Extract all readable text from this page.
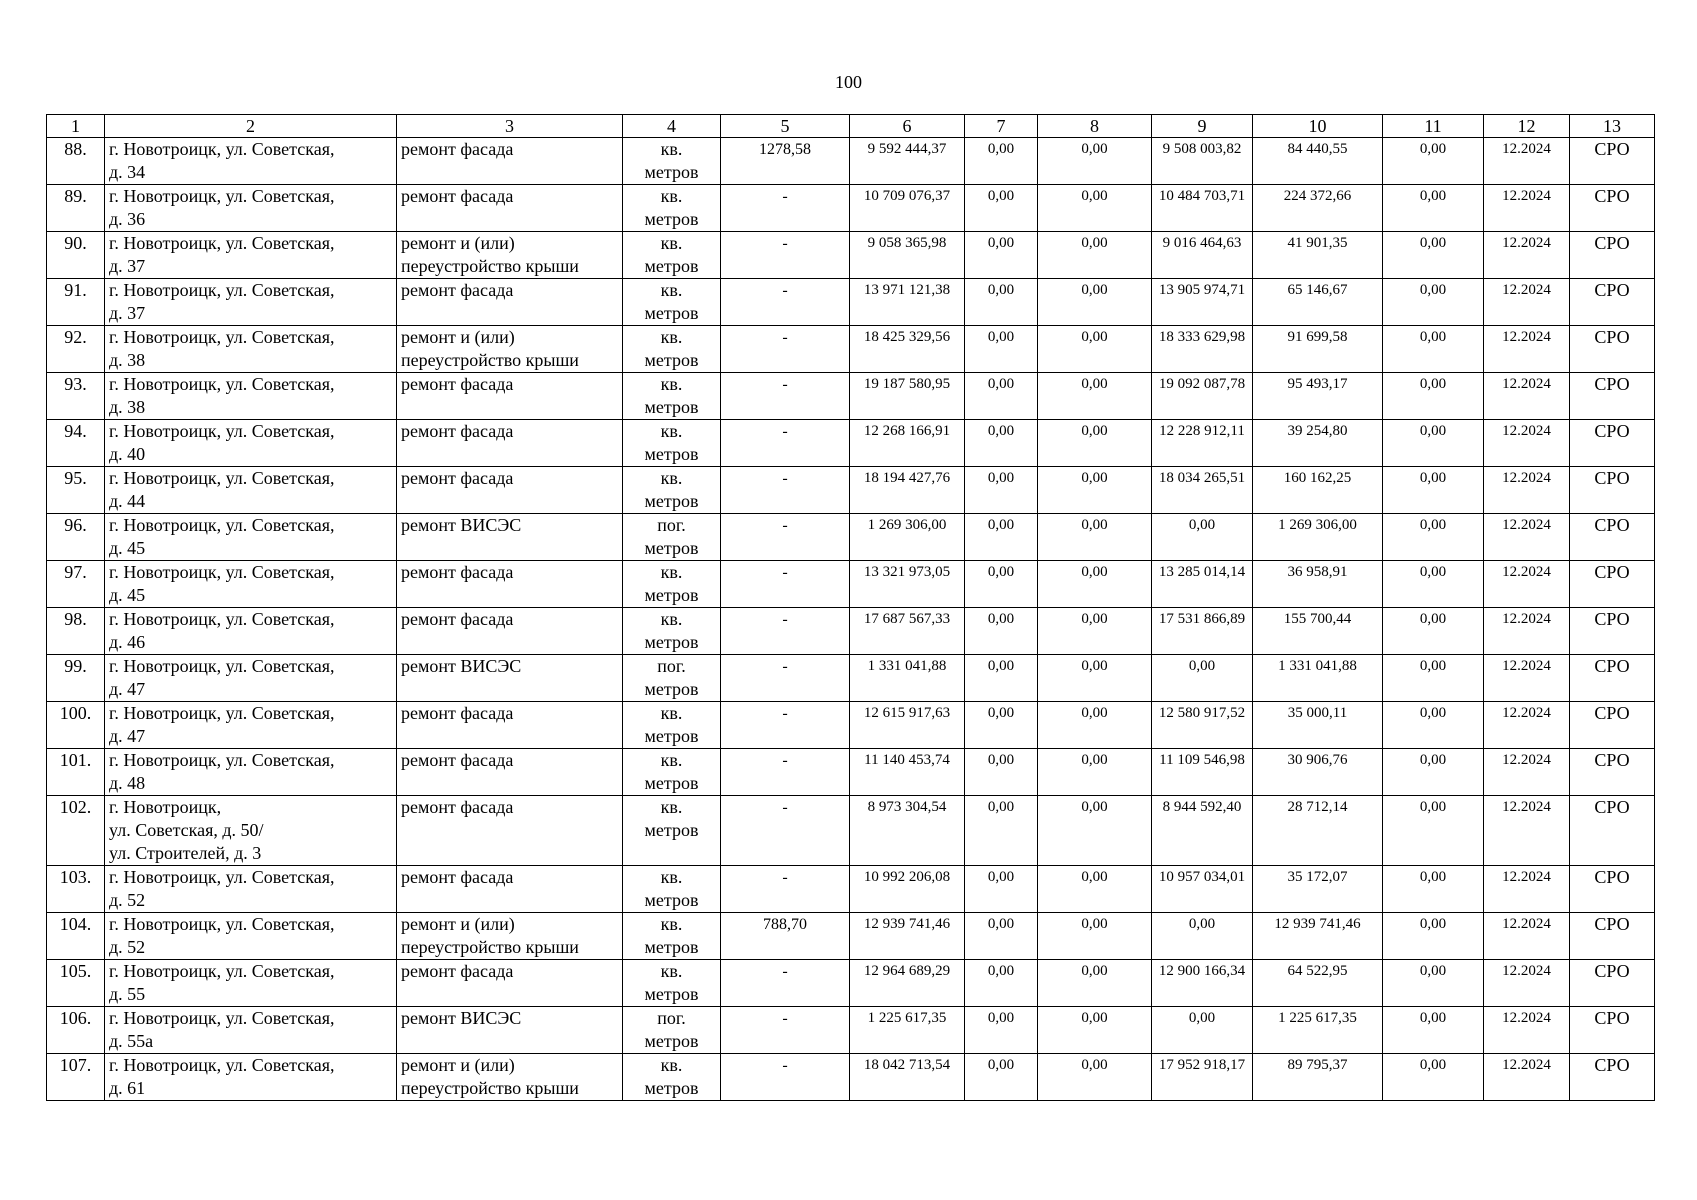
100
1	2	3	4	5	6	7	8	9	10	11	12	13
88.	г. Новотроицк, ул. Советская,
д. 34	ремонт фасада	кв.
метров	1278,58	9 592 444,37	0,00	0,00	9 508 003,82	84 440,55	0,00	12.2024	СРО
89.	г. Новотроицк, ул. Советская,
д. 36	ремонт фасада	кв.
метров	-	10 709 076,37	0,00	0,00	10 484 703,71	224 372,66	0,00	12.2024	СРО
90.	г. Новотроицк, ул. Советская,
д. 37	ремонт и (или)
переустройство крыши	кв.
метров	-	9 058 365,98	0,00	0,00	9 016 464,63	41 901,35	0,00	12.2024	СРО
91.	г. Новотроицк, ул. Советская,
д. 37	ремонт фасада	кв.
метров	-	13 971 121,38	0,00	0,00	13 905 974,71	65 146,67	0,00	12.2024	СРО
92.	г. Новотроицк, ул. Советская,
д. 38	ремонт и (или)
переустройство крыши	кв.
метров	-	18 425 329,56	0,00	0,00	18 333 629,98	91 699,58	0,00	12.2024	СРО
93.	г. Новотроицк, ул. Советская,
д. 38	ремонт фасада	кв.
метров	-	19 187 580,95	0,00	0,00	19 092 087,78	95 493,17	0,00	12.2024	СРО
94.	г. Новотроицк, ул. Советская,
д. 40	ремонт фасада	кв.
метров	-	12 268 166,91	0,00	0,00	12 228 912,11	39 254,80	0,00	12.2024	СРО
95.	г. Новотроицк, ул. Советская,
д. 44	ремонт фасада	кв.
метров	-	18 194 427,76	0,00	0,00	18 034 265,51	160 162,25	0,00	12.2024	СРО
96.	г. Новотроицк, ул. Советская,
д. 45	ремонт ВИСЭС	пог.
метров	-	1 269 306,00	0,00	0,00	0,00	1 269 306,00	0,00	12.2024	СРО
97.	г. Новотроицк, ул. Советская,
д. 45	ремонт фасада	кв.
метров	-	13 321 973,05	0,00	0,00	13 285 014,14	36 958,91	0,00	12.2024	СРО
98.	г. Новотроицк, ул. Советская,
д. 46	ремонт фасада	кв.
метров	-	17 687 567,33	0,00	0,00	17 531 866,89	155 700,44	0,00	12.2024	СРО
99.	г. Новотроицк, ул. Советская,
д. 47	ремонт ВИСЭС	пог.
метров	-	1 331 041,88	0,00	0,00	0,00	1 331 041,88	0,00	12.2024	СРО
100.	г. Новотроицк, ул. Советская,
д. 47	ремонт фасада	кв.
метров	-	12 615 917,63	0,00	0,00	12 580 917,52	35 000,11	0,00	12.2024	СРО
101.	г. Новотроицк, ул. Советская,
д. 48	ремонт фасада	кв.
метров	-	11 140 453,74	0,00	0,00	11 109 546,98	30 906,76	0,00	12.2024	СРО
102.	г. Новотроицк,
ул. Советская, д. 50/
ул. Строителей, д. 3	ремонт фасада	кв.
метров	-	8 973 304,54	0,00	0,00	8 944 592,40	28 712,14	0,00	12.2024	СРО
103.	г. Новотроицк, ул. Советская,
д. 52	ремонт фасада	кв.
метров	-	10 992 206,08	0,00	0,00	10 957 034,01	35 172,07	0,00	12.2024	СРО
104.	г. Новотроицк, ул. Советская,
д. 52	ремонт и (или)
переустройство крыши	кв.
метров	788,70	12 939 741,46	0,00	0,00	0,00	12 939 741,46	0,00	12.2024	СРО
105.	г. Новотроицк, ул. Советская,
д. 55	ремонт фасада	кв.
метров	-	12 964 689,29	0,00	0,00	12 900 166,34	64 522,95	0,00	12.2024	СРО
106.	г. Новотроицк, ул. Советская,
д. 55а	ремонт ВИСЭС	пог.
метров	-	1 225 617,35	0,00	0,00	0,00	1 225 617,35	0,00	12.2024	СРО
107.	г. Новотроицк, ул. Советская,
д. 61	ремонт и (или)
переустройство крыши	кв.
метров	-	18 042 713,54	0,00	0,00	17 952 918,17	89 795,37	0,00	12.2024	СРО
